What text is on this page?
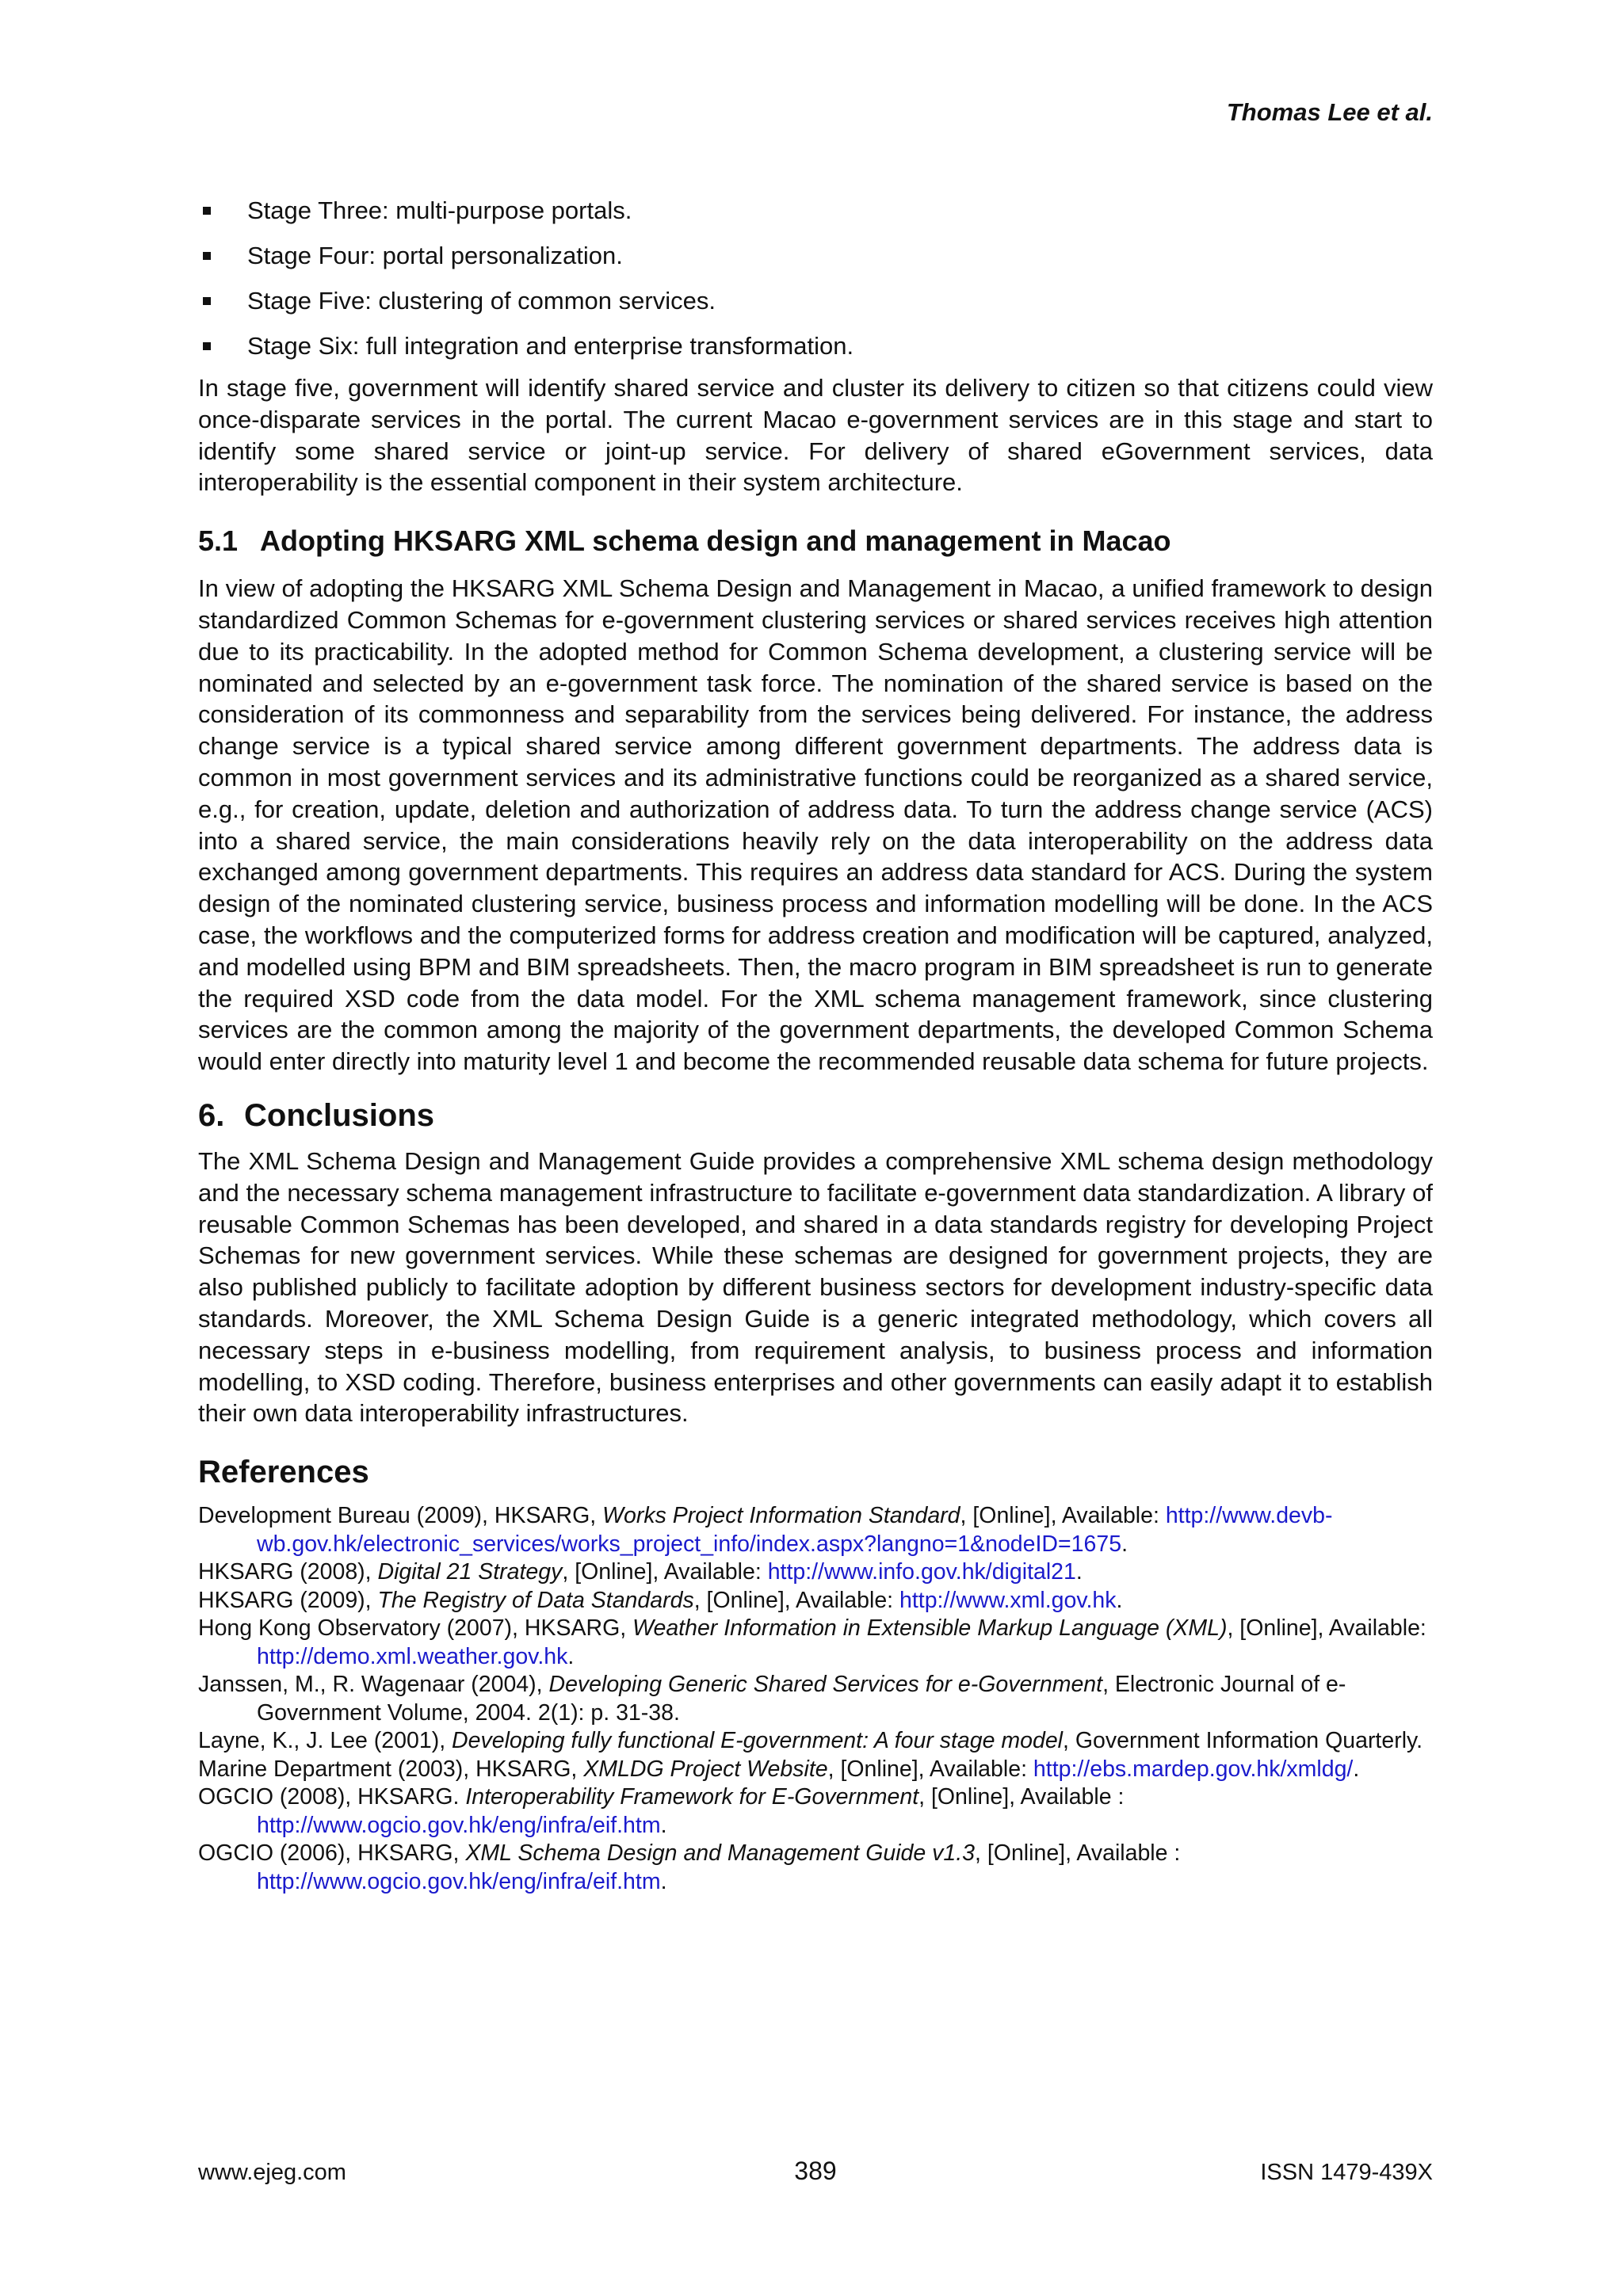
Thomas Lee et al.
Stage Three: multi-purpose portals.
Stage Four: portal personalization.
Stage Five: clustering of common services.
Stage Six: full integration and enterprise transformation.

In stage five, government will identify shared service and cluster its delivery to citizen so that citizens could view once-disparate services in the portal. The current Macao e-government services are in this stage and start to identify some shared service or joint-up service. For delivery of shared eGovernment services, data interoperability is the essential component in their system architecture.

5.1 Adopting HKSARG XML schema design and management in Macao

In view of adopting the HKSARG XML Schema Design and Management in Macao, a unified framework to design standardized Common Schemas for e-government clustering services or shared services receives high attention due to its practicability. In the adopted method for Common Schema development, a clustering service will be nominated and selected by an e-government task force. The nomination of the shared service is based on the consideration of its commonness and separability from the services being delivered. For instance, the address change service is a typical shared service among different government departments. The address data is common in most government services and its administrative functions could be reorganized as a shared service, e.g., for creation, update, deletion and authorization of address data. To turn the address change service (ACS) into a shared service, the main considerations heavily rely on the data interoperability on the address data exchanged among government departments. This requires an address data standard for ACS. During the system design of the nominated clustering service, business process and information modelling will be done. In the ACS case, the workflows and the computerized forms for address creation and modification will be captured, analyzed, and modelled using BPM and BIM spreadsheets. Then, the macro program in BIM spreadsheet is run to generate the required XSD code from the data model. For the XML schema management framework, since clustering services are the common among the majority of the government departments, the developed Common Schema would enter directly into maturity level 1 and become the recommended reusable data schema for future projects.

6. Conclusions

The XML Schema Design and Management Guide provides a comprehensive XML schema design methodology and the necessary schema management infrastructure to facilitate e-government data standardization. A library of reusable Common Schemas has been developed, and shared in a data standards registry for developing Project Schemas for new government services. While these schemas are designed for government projects, they are also published publicly to facilitate adoption by different business sectors for development industry-specific data standards. Moreover, the XML Schema Design Guide is a generic integrated methodology, which covers all necessary steps in e-business modelling, from requirement analysis, to business process and information modelling, to XSD coding. Therefore, business enterprises and other governments can easily adapt it to establish their own data interoperability infrastructures.

References

Development Bureau (2009), HKSARG, Works Project Information Standard, [Online], Available: http://www.devb-wb.gov.hk/electronic_services/works_project_info/index.aspx?langno=1&nodeID=1675.

HKSARG (2008), Digital 21 Strategy, [Online], Available: http://www.info.gov.hk/digital21.

HKSARG (2009), The Registry of Data Standards, [Online], Available: http://www.xml.gov.hk.

Hong Kong Observatory (2007), HKSARG, Weather Information in Extensible Markup Language (XML), [Online], Available: http://demo.xml.weather.gov.hk.

Janssen, M., R. Wagenaar (2004), Developing Generic Shared Services for e-Government, Electronic Journal of e-Government Volume, 2004. 2(1): p. 31-38.

Layne, K., J. Lee (2001), Developing fully functional E-government: A four stage model, Government Information Quarterly.

Marine Department (2003), HKSARG, XMLDG Project Website, [Online], Available: http://ebs.mardep.gov.hk/xmldg/.

OGCIO (2008), HKSARG. Interoperability Framework for E-Government, [Online], Available : http://www.ogcio.gov.hk/eng/infra/eif.htm.

OGCIO (2006), HKSARG, XML Schema Design and Management Guide v1.3, [Online], Available : http://www.ogcio.gov.hk/eng/infra/eif.htm.

www.ejeg.com	389	ISSN 1479-439X
